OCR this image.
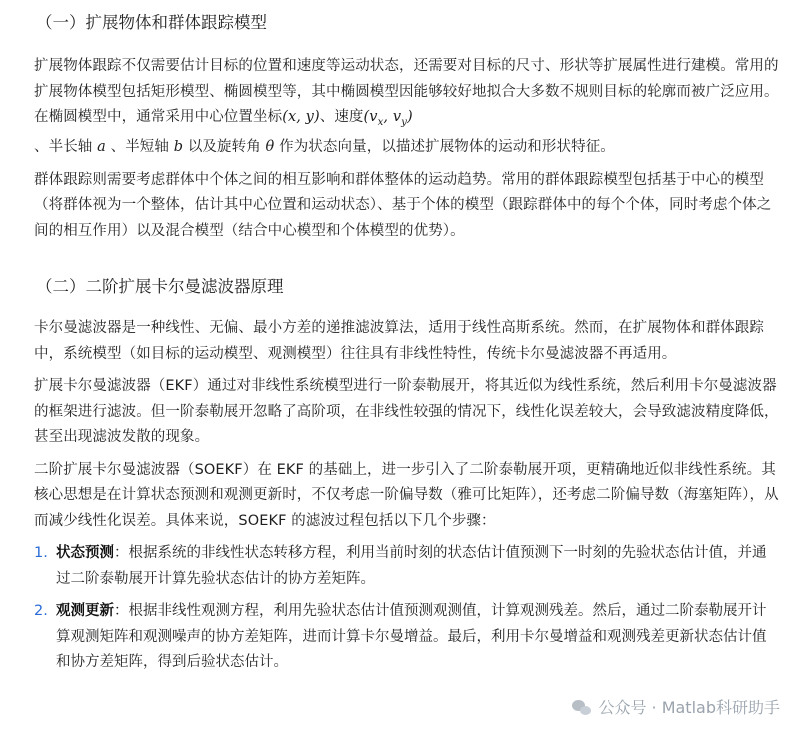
（一）扩展物体和群体跟踪模型

扩展物体跟踪不仅需要估计目标的位置和速度等运动状态，还需要对目标的尺寸、形状等扩展属性进行建模。常用的扩展物体模型包括矩形模型、椭圆模型等，其中椭圆模型因能够较好地拟合大多数不规则目标的轮廓而被广泛应用。在椭圆模型中，通常采用中心位置坐标(x, y)、速度($v_x$, $v_y$)
、半长轴 a 、半短轴 b 以及旋转角 θ 作为状态向量，以描述扩展物体的运动和形状特征。

群体跟踪则需要考虑群体中个体之间的相互影响和群体整体的运动趋势。常用的群体跟踪模型包括基于中心的模型（将群体视为一个整体，估计其中心位置和运动状态）、基于个体的模型（跟踪群体中的每个个体，同时考虑个体之间的相互作用）以及混合模型（结合中心模型和个体模型的优势）。

（二）二阶扩展卡尔曼滤波器原理

卡尔曼滤波器是一种线性、无偏、最小方差的递推滤波算法，适用于线性高斯系统。然而，在扩展物体和群体跟踪中，系统模型（如目标的运动模型、观测模型）往往具有非线性特性，传统卡尔曼滤波器不再适用。

扩展卡尔曼滤波器（EKF）通过对非线性系统模型进行一阶泰勒展开，将其近似为线性系统，然后利用卡尔曼滤波器的框架进行滤波。但一阶泰勒展开忽略了高阶项，在非线性较强的情况下，线性化误差较大，会导致滤波精度降低，甚至出现滤波发散的现象。

二阶扩展卡尔曼滤波器（SOEKF）在 EKF 的基础上，进一步引入了二阶泰勒展开项，更精确地近似非线性系统。其核心思想是在计算状态预测和观测更新时，不仅考虑一阶偏导数（雅可比矩阵），还考虑二阶偏导数（海塞矩阵），从而减少线性化误差。具体来说，SOEKF 的滤波过程包括以下几个步骤：

1. 状态预测：根据系统的非线性状态转移方程，利用当前时刻的状态估计值预测下一时刻的先验状态估计值，并通过二阶泰勒展开计算先验状态估计的协方差矩阵。
2. 观测更新：根据非线性观测方程，利用先验状态估计值预测观测值，计算观测残差。然后，通过二阶泰勒展开计算观测矩阵和观测噪声的协方差矩阵，进而计算卡尔曼增益。最后，利用卡尔曼增益和观测残差更新状态估计值和协方差矩阵，得到后验状态估计。
公众号 · Matlab科研助手
